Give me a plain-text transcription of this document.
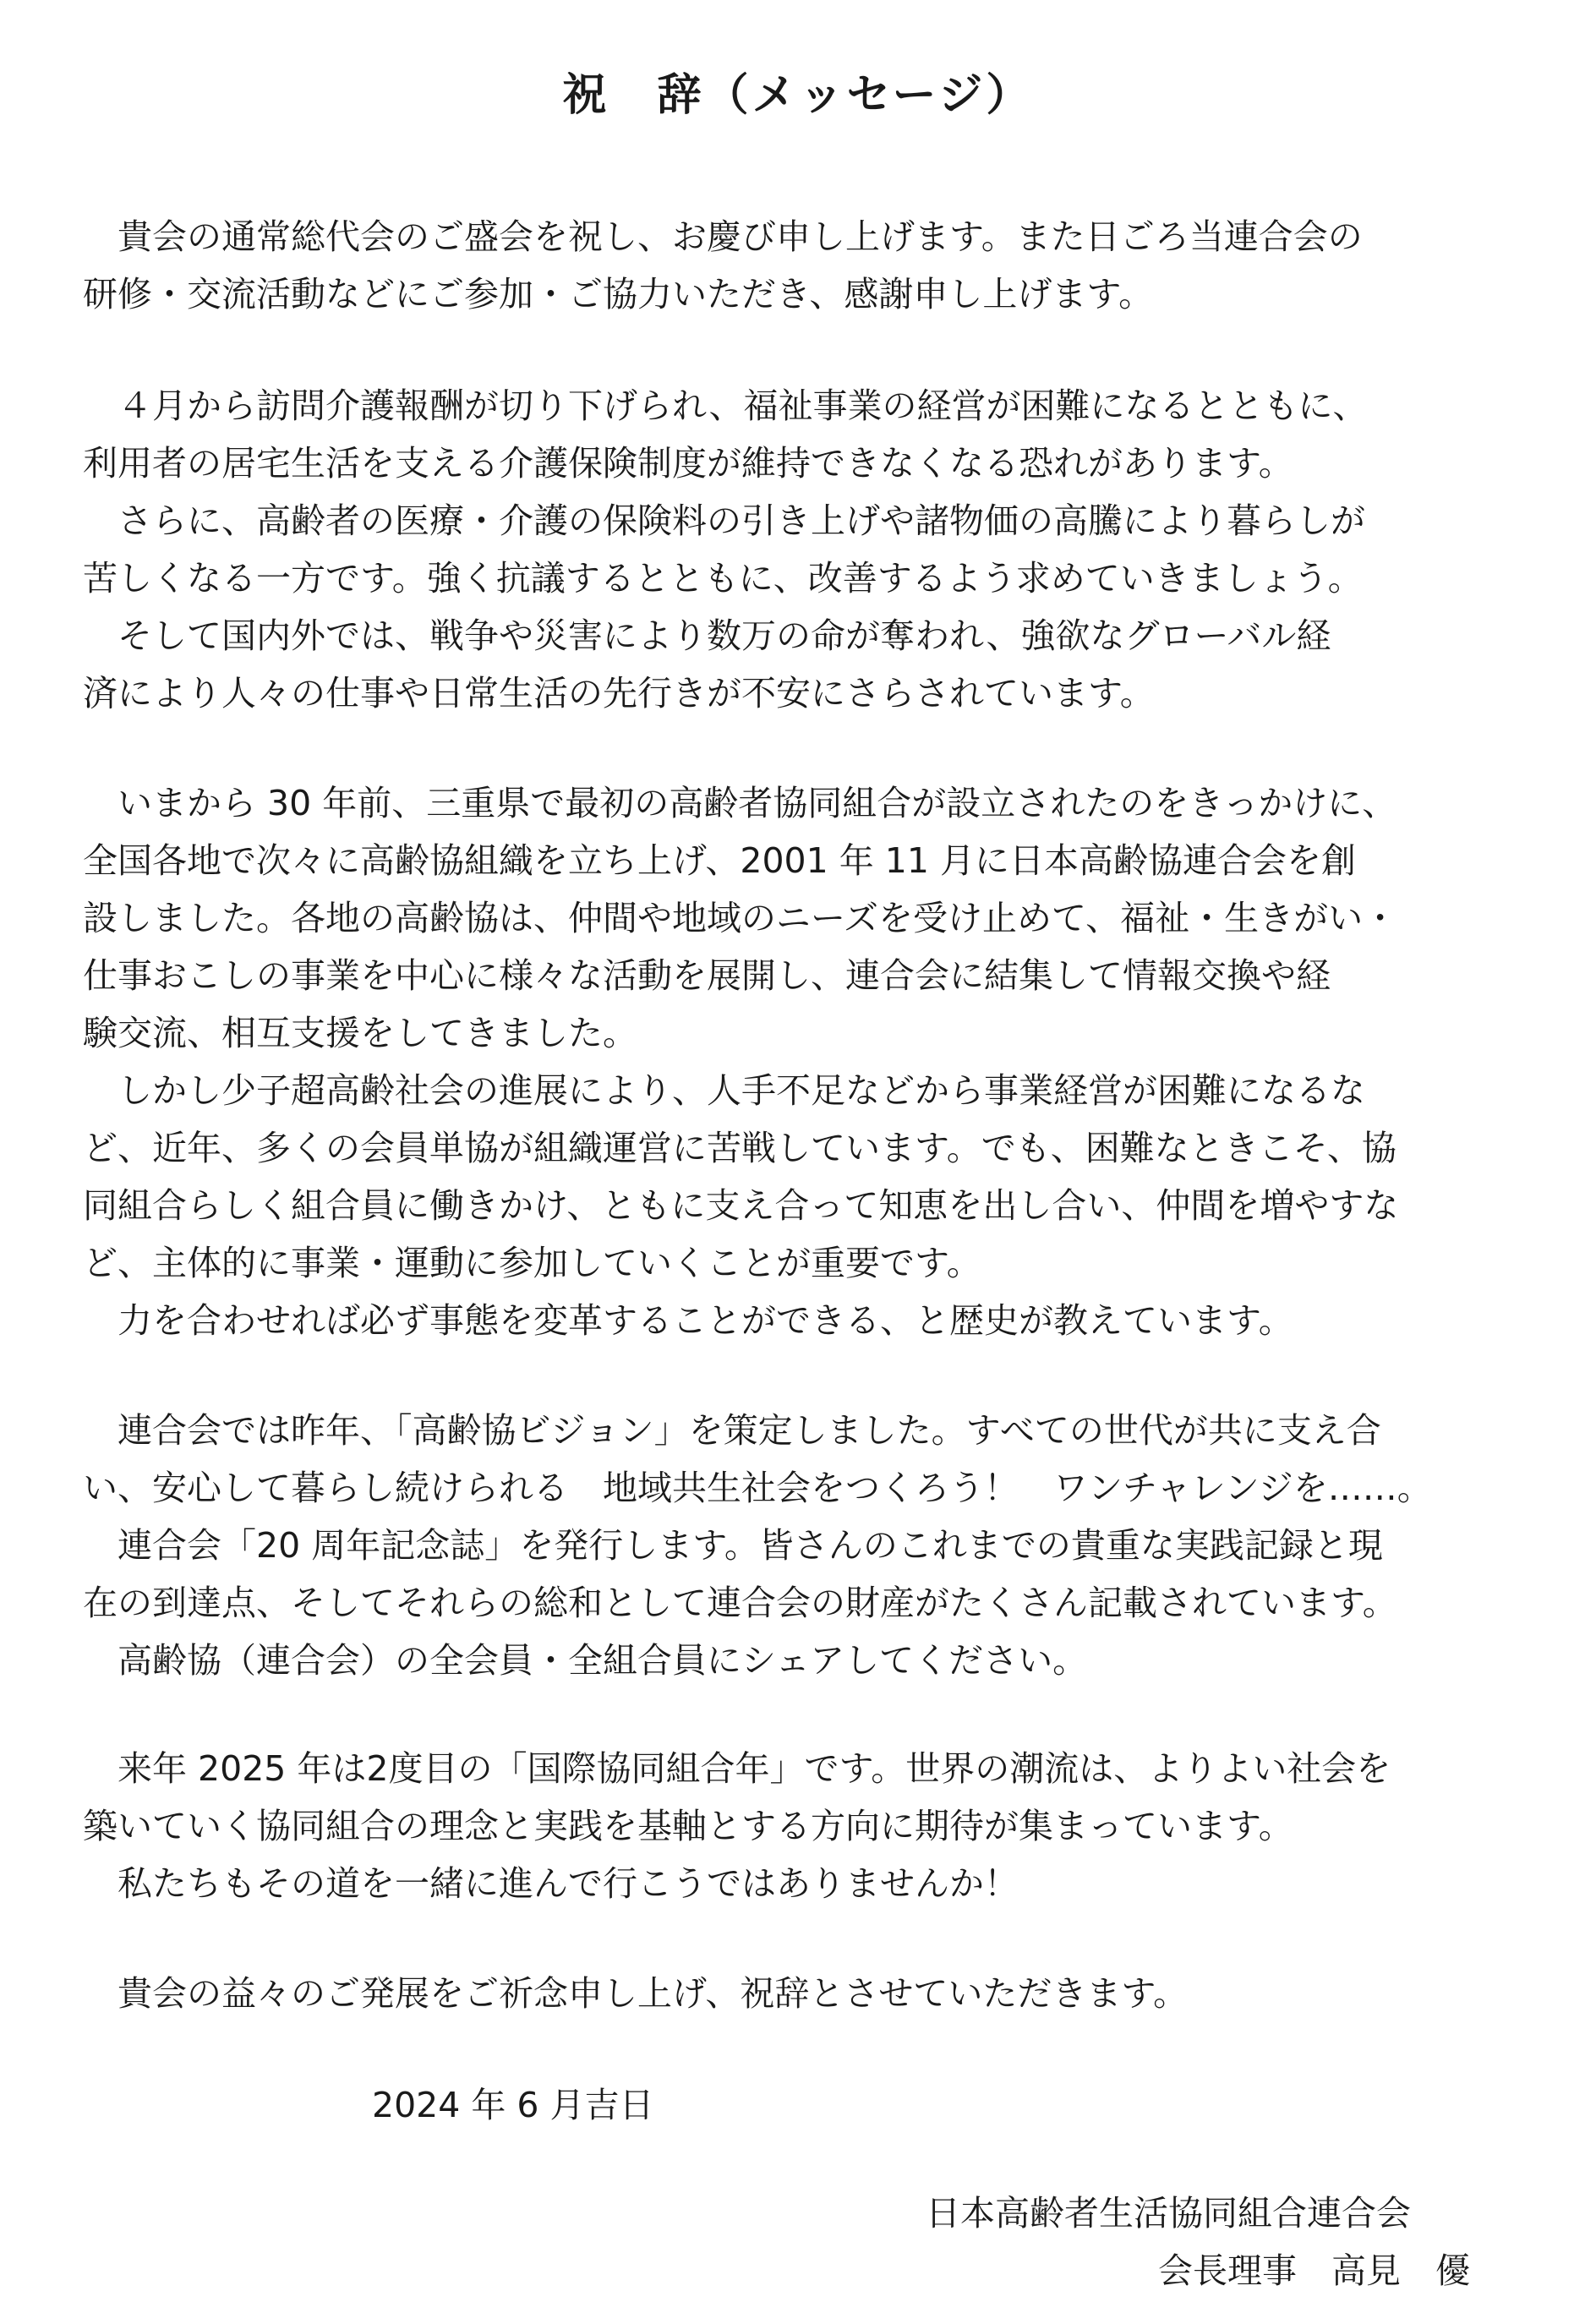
祝　辞（メッセージ）
　貴会の通常総代会のご盛会を祝し、お慶び申し上げます。また日ごろ当連合会の
研修・交流活動などにご参加・ご協力いただき、感謝申し上げます。
　４月から訪問介護報酬が切り下げられ、福祉事業の経営が困難になるとともに、
利用者の居宅生活を支える介護保険制度が維持できなくなる恐れがあります。
　さらに、高齢者の医療・介護の保険料の引き上げや諸物価の高騰により暮らしが
苦しくなる一方です。強く抗議するとともに、改善するよう求めていきましょう。
　そして国内外では、戦争や災害により数万の命が奪われ、強欲なグローバル経
済により人々の仕事や日常生活の先行きが不安にさらされています。
　いまから 30 年前、三重県で最初の高齢者協同組合が設立されたのをきっかけに、
全国各地で次々に高齢協組織を立ち上げ、2001 年 11 月に日本高齢協連合会を創
設しました。各地の高齢協は、仲間や地域のニーズを受け止めて、福祉・生きがい・
仕事おこしの事業を中心に様々な活動を展開し、連合会に結集して情報交換や経
験交流、相互支援をしてきました。
　しかし少子超高齢社会の進展により、人手不足などから事業経営が困難になるな
ど、近年、多くの会員単協が組織運営に苦戦しています。でも、困難なときこそ、協
同組合らしく組合員に働きかけ、ともに支え合って知恵を出し合い、仲間を増やすな
ど、主体的に事業・運動に参加していくことが重要です。
　力を合わせれば必ず事態を変革することができる、と歴史が教えています。
　連合会では昨年、「高齢協ビジョン」を策定しました。すべての世代が共に支え合
い、安心して暮らし続けられる　地域共生社会をつくろう！　ワンチャレンジを……。
　連合会「20 周年記念誌」を発行します。皆さんのこれまでの貴重な実践記録と現
在の到達点、そしてそれらの総和として連合会の財産がたくさん記載されています。
　高齢協（連合会）の全会員・全組合員にシェアしてください。
　来年 2025 年は2度目の「国際協同組合年」です。世界の潮流は、よりよい社会を
築いていく協同組合の理念と実践を基軸とする方向に期待が集まっています。
　私たちもその道を一緒に進んで行こうではありませんか！
　貴会の益々のご発展をご祈念申し上げ、祝辞とさせていただきます。
2024 年 6 月吉日
日本高齢者生活協同組合連合会
会長理事　高見　優
